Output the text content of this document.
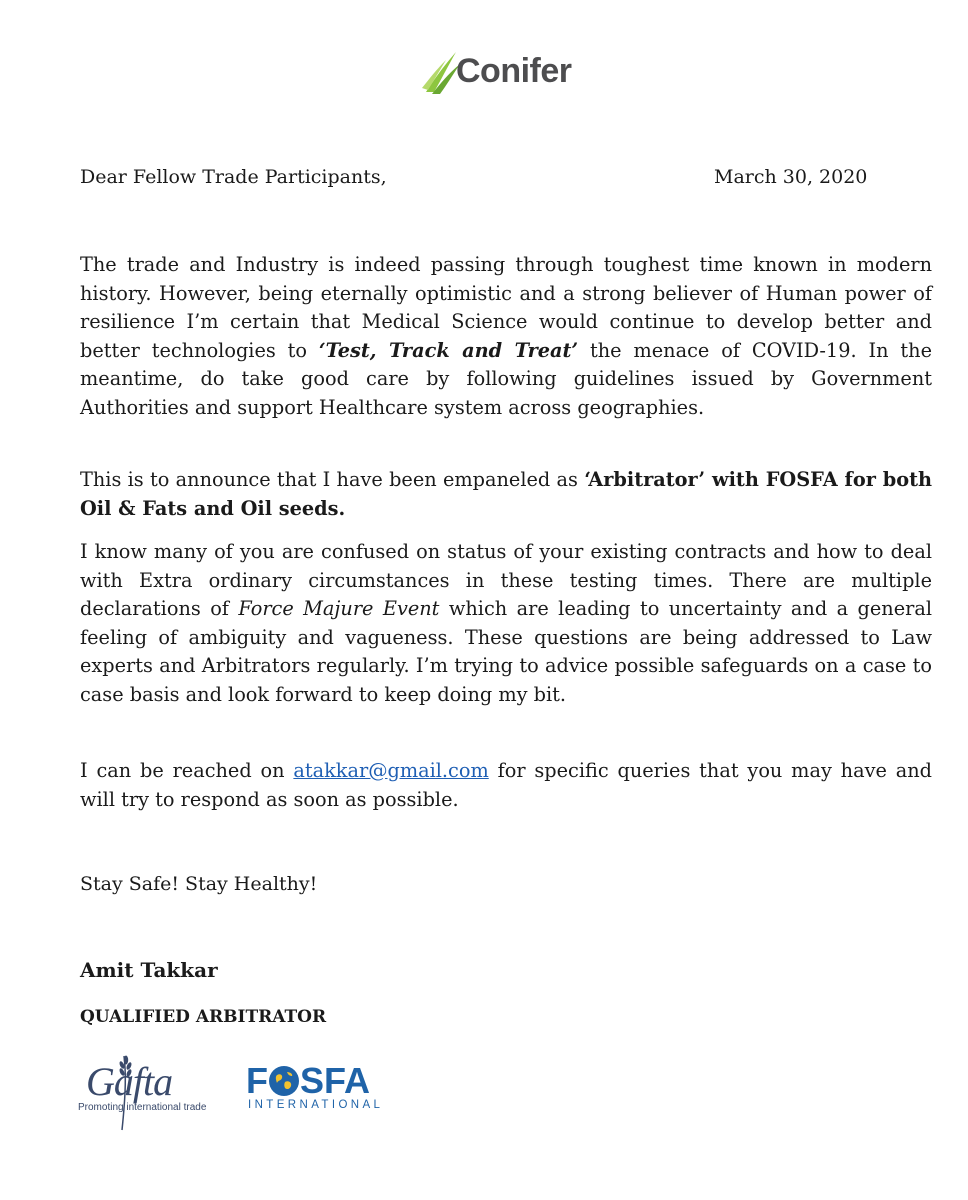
Conifer
Dear Fellow Trade Participants,	March 30, 2020

The trade and Industry is indeed passing through toughest time known in modern history. However, being eternally optimistic and a strong believer of Human power of resilience I’m certain that Medical Science would continue to develop better and better technologies to ‘Test, Track and Treat’ the menace of COVID-19. In the meantime, do take good care by following guidelines issued by Government Authorities and support Healthcare system across geographies.

This is to announce that I have been empaneled as ‘Arbitrator’ with FOSFA for both Oil & Fats and Oil seeds.

I know many of you are confused on status of your existing contracts and how to deal with Extra ordinary circumstances in these testing times. There are multiple declarations of Force Majure Event which are leading to uncertainty and a general feeling of ambiguity and vagueness. These questions are being addressed to Law experts and Arbitrators regularly. I’m trying to advice possible safeguards on a case to case basis and look forward to keep doing my bit.

I can be reached on atakkar@gmail.com for specific queries that you may have and will try to respond as soon as possible.

Stay Safe! Stay Healthy!
Amit Takkar
QUALIFIED ARBITRATOR
Gafta
Promoting international trade
F SFA
INTERNATIONAL
